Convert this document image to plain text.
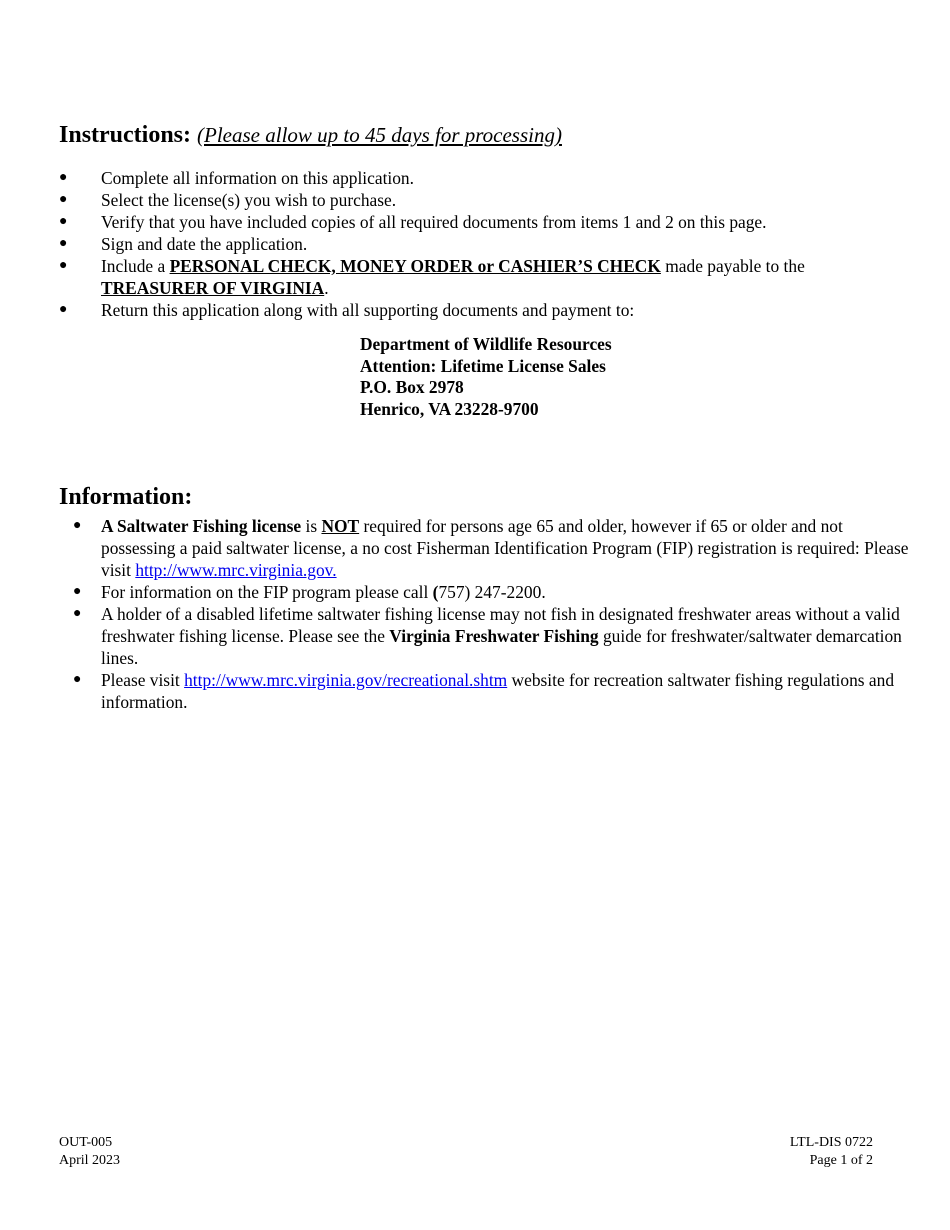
Instructions: (Please allow up to 45 days for processing)
● Complete all information on this application.
● Select the license(s) you wish to purchase.
● Verify that you have included copies of all required documents from items 1 and 2 on this page.
● Sign and date the application.
● Include a PERSONAL CHECK, MONEY ORDER or CASHIER’S CHECK made payable to the
TREASURER OF VIRGINIA.
● Return this application along with all supporting documents and payment to:
Department of Wildlife Resources
Attention: Lifetime License Sales
P.O. Box 2978
Henrico, VA 23228-9700
Information:
● A Saltwater Fishing license is NOT required for persons age 65 and older, however if 65 or older and not possessing a paid saltwater license, a no cost Fisherman Identification Program (FIP) registration is required: Please visit http://www.mrc.virginia.gov.
● For information on the FIP program please call (757) 247-2200.
● A holder of a disabled lifetime saltwater fishing license may not fish in designated freshwater areas without a valid freshwater fishing license. Please see the Virginia Freshwater Fishing guide for freshwater/saltwater demarcation lines.
● Please visit http://www.mrc.virginia.gov/recreational.shtm website for recreation saltwater fishing regulations and information.
OUT-005
April 2023
LTL-DIS 0722
Page 1 of 2
